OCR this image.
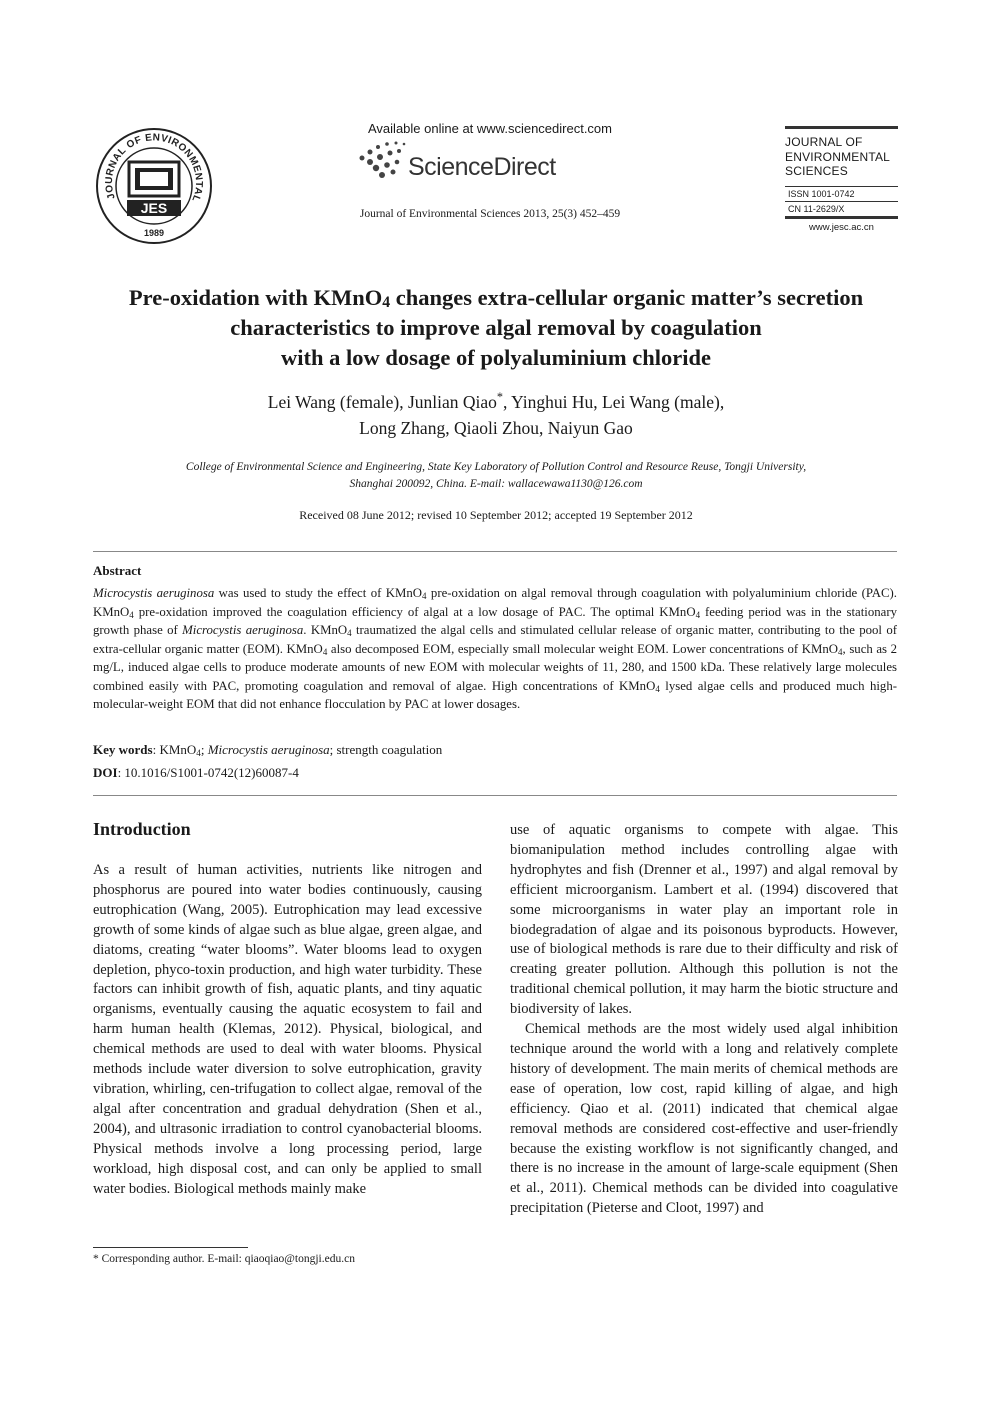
JOURNAL OF ENVIRONMENTAL
JES
1989
Available online at www.sciencedirect.com
ScienceDirect
Journal of Environmental Sciences 2013, 25(3) 452–459
JOURNAL OF
ENVIRONMENTAL
SCIENCES
ISSN 1001-0742
CN 11-2629/X
www.jesc.ac.cn
Pre-oxidation with KMnO$_4$ changes extra-cellular organic matter’s secretion
characteristics to improve algal removal by coagulation
with a low dosage of polyaluminium chloride
Lei Wang (female), Junlian Qiao*, Yinghui Hu, Lei Wang (male),
Long Zhang, Qiaoli Zhou, Naiyun Gao
College of Environmental Science and Engineering, State Key Laboratory of Pollution Control and Resource Reuse, Tongji University,
Shanghai 200092, China. E-mail: wallacewawa1130@126.com
Received 08 June 2012; revised 10 September 2012; accepted 19 September 2012
Abstract
Microcystis aeruginosa was used to study the effect of KMnO$_4$ pre-oxidation on algal removal through coagulation with polyaluminium chloride (PAC). KMnO$_4$ pre-oxidation improved the coagulation efficiency of algal at a low dosage of PAC. The optimal KMnO$_4$ feeding period was in the stationary growth phase of Microcystis aeruginosa. KMnO$_4$ traumatized the algal cells and stimulated cellular release of organic matter, contributing to the pool of extra-cellular organic matter (EOM). KMnO$_4$ also decomposed EOM, especially small molecular weight EOM. Lower concentrations of KMnO$_4$, such as 2 mg/L, induced algae cells to produce moderate amounts of new EOM with molecular weights of 11, 280, and 1500 kDa. These relatively large molecules combined easily with PAC, promoting coagulation and removal of algae. High concentrations of KMnO$_4$ lysed algae cells and produced much high-molecular-weight EOM that did not enhance flocculation by PAC at lower dosages.
Key words: KMnO$_4$; Microcystis aeruginosa; strength coagulation
DOI: 10.1016/S1001-0742(12)60087-4
Introduction

As a result of human activities, nutrients like nitrogen and phosphorus are poured into water bodies continuously, causing eutrophication (Wang, 2005). Eutrophication may lead excessive growth of some kinds of algae such as blue algae, green algae, and diatoms, creating “water blooms”. Water blooms lead to oxygen depletion, phyco-toxin production, and high water turbidity. These factors can inhibit growth of fish, aquatic plants, and tiny aquatic organisms, eventually causing the aquatic ecosystem to fail and harm human health (Klemas, 2012). Physical, biological, and chemical methods are used to deal with water blooms. Physical methods include water diversion to solve eutrophication, gravity vibration, whirling, cen-trifugation to collect algae, removal of the algal after concentration and gradual dehydration (Shen et al., 2004), and ultrasonic irradiation to control cyanobacterial blooms. Physical methods involve a long processing period, large workload, high disposal cost, and can only be applied to small water bodies. Biological methods mainly make

use of aquatic organisms to compete with algae. This biomanipulation method includes controlling algae with hydrophytes and fish (Drenner et al., 1997) and algal removal by efficient microorganism. Lambert et al. (1994) discovered that some microorganisms in water play an important role in biodegradation of algae and its poisonous byproducts. However, use of biological methods is rare due to their difficulty and risk of creating greater pollution. Although this pollution is not the traditional chemical pollution, it may harm the biotic structure and biodiversity of lakes.

Chemical methods are the most widely used algal inhibition technique around the world with a long and relatively complete history of development. The main merits of chemical methods are ease of operation, low cost, rapid killing of algae, and high efficiency. Qiao et al. (2011) indicated that chemical algae removal methods are considered cost-effective and user-friendly because the existing workflow is not significantly changed, and there is no increase in the amount of large-scale equipment (Shen et al., 2011). Chemical methods can be divided into coagulative precipitation (Pieterse and Cloot, 1997) and

* Corresponding author. E-mail: qiaoqiao@tongji.edu.cn
